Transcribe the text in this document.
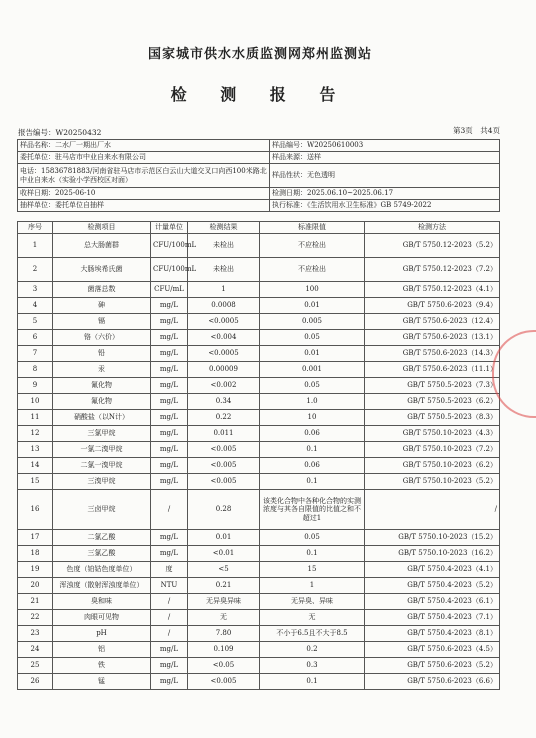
国家城市供水水质监测网郑州监测站
检 测 报 告
报告编号：W20250432	第3页　共4页
样品名称：二水厂一期出厂水	样品编号：W20250610003
委托单位：驻马店市中业自来水有限公司	样品来源：送样
电话：15836781883/河南省驻马店市示范区白云山大道交叉口向西100米路北中业自来水（实验小学西校区对面）	样品性状：无色透明
收样日期：2025-06-10	检测日期：2025.06.10~2025.06.17
抽样单位：委托单位自抽样	执行标准：《生活饮用水卫生标准》GB 5749-2022
序号	检测项目	计量单位	检测结果	标准限值	检测方法
1	总大肠菌群	CFU/100mL	未检出	不应检出	GB/T 5750.12-2023（5.2）
2	大肠埃希氏菌	CFU/100mL	未检出	不应检出	GB/T 5750.12-2023（7.2）
3	菌落总数	CFU/mL	1	100	GB/T 5750.12-2023（4.1）
4	砷	mg/L	0.0008	0.01	GB/T 5750.6-2023（9.4）
5	镉	mg/L	<0.0005	0.005	GB/T 5750.6-2023（12.4）
6	铬（六价）	mg/L	<0.004	0.05	GB/T 5750.6-2023（13.1）
7	铅	mg/L	<0.0005	0.01	GB/T 5750.6-2023（14.3）
8	汞	mg/L	0.00009	0.001	GB/T 5750.6-2023（11.1）
9	氰化物	mg/L	<0.002	0.05	GB/T 5750.5-2023（7.3）
10	氟化物	mg/L	0.34	1.0	GB/T 5750.5-2023（6.2）
11	硝酸盐（以N计）	mg/L	0.22	10	GB/T 5750.5-2023（8.3）
12	三氯甲烷	mg/L	0.011	0.06	GB/T 5750.10-2023（4.3）
13	一氯二溴甲烷	mg/L	<0.005	0.1	GB/T 5750.10-2023（7.2）
14	二氯一溴甲烷	mg/L	<0.005	0.06	GB/T 5750.10-2023（6.2）
15	三溴甲烷	mg/L	<0.005	0.1	GB/T 5750.10-2023（5.2）
16	三卤甲烷	/	0.28	该类化合物中各种化合物的实测浓度与其各自限值的比值之和不超过1	/
17	二氯乙酸	mg/L	0.01	0.05	GB/T 5750.10-2023（15.2）
18	三氯乙酸	mg/L	<0.01	0.1	GB/T 5750.10-2023（16.2）
19	色度（铂钴色度单位）	度	<5	15	GB/T 5750.4-2023（4.1）
20	浑浊度（散射浑浊度单位）	NTU	0.21	1	GB/T 5750.4-2023（5.2）
21	臭和味	/	无异臭异味	无异臭、异味	GB/T 5750.4-2023（6.1）
22	肉眼可见物	/	无	无	GB/T 5750.4-2023（7.1）
23	pH	/	7.80	不小于6.5且不大于8.5	GB/T 5750.4-2023（8.1）
24	铝	mg/L	0.109	0.2	GB/T 5750.6-2023（4.5）
25	铁	mg/L	<0.05	0.3	GB/T 5750.6-2023（5.2）
26	锰	mg/L	<0.005	0.1	GB/T 5750.6-2023（6.6）
